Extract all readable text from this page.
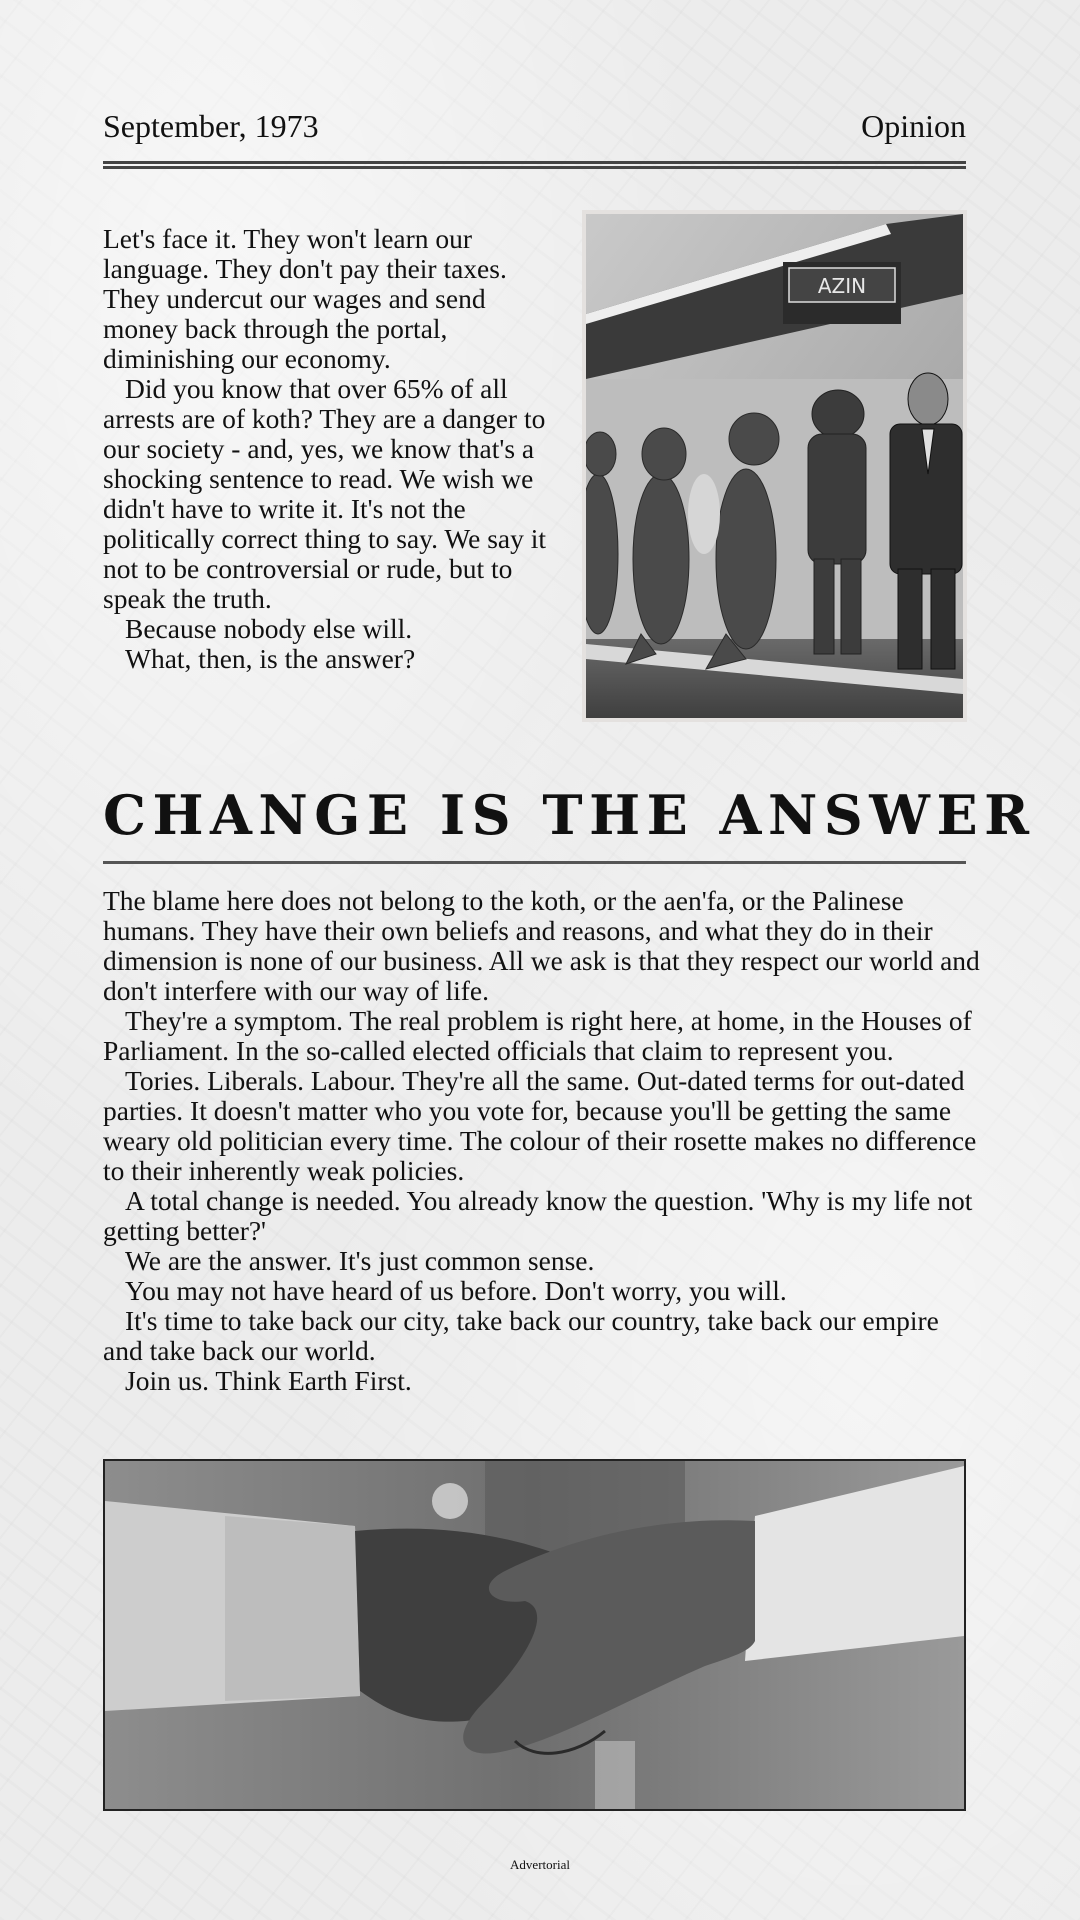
September, 1973	Opinion

Let's face it. They won't learn our language. They don't pay their taxes. They undercut our wages and send money back through the portal, diminishing our economy.

Did you know that over 65% of all arrests are of koth? They are a danger to our society - and, yes, we know that's a shocking sentence to read. We wish we didn't have to write it. It's not the politically correct thing to say. We say it not to be controversial or rude, but to speak the truth.

Because nobody else will.

What, then, is the answer?

AZIN
CHANGE IS THE ANSWER

The blame here does not belong to the koth, or the aen'fa, or the Palinese humans. They have their own beliefs and reasons, and what they do in their dimension is none of our business. All we ask is that they respect our world and don't interfere with our way of life.

They're a symptom. The real problem is right here, at home, in the Houses of Parliament. In the so-called elected officials that claim to represent you.

Tories. Liberals. Labour. They're all the same. Out-dated terms for out-dated parties. It doesn't matter who you vote for, because you'll be getting the same weary old politician every time. The colour of their rosette makes no difference to their inherently weak policies.

A total change is needed. You already know the question. 'Why is my life not getting better?'

We are the answer. It's just common sense.

You may not have heard of us before. Don't worry, you will.

It's time to take back our city, take back our country, take back our empire and take back our world.

Join us. Think Earth First.

Advertorial
